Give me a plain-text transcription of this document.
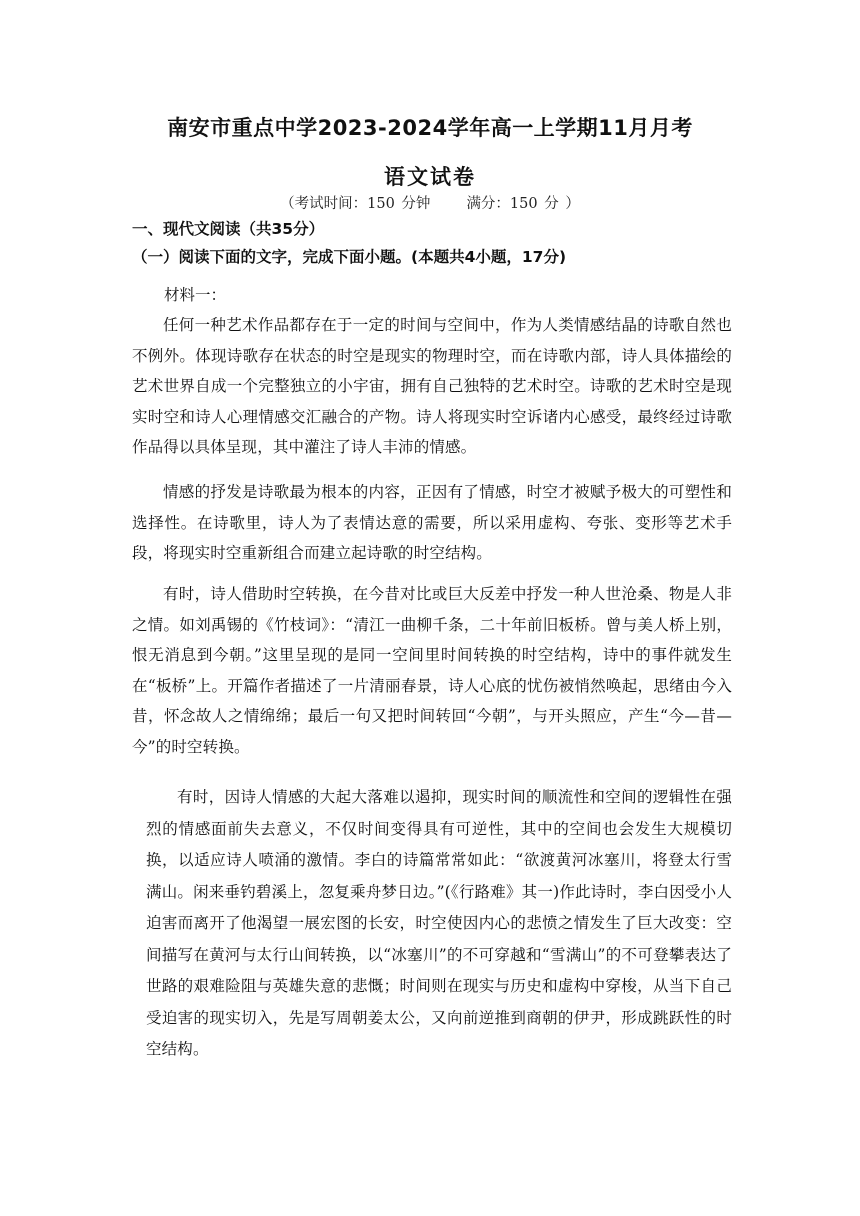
南安市重点中学2023-2024学年高一上学期11月月考
语文试卷
（考试时间：150 分钟 满分：150 分 ）
一、现代文阅读（共35分）
（一）阅读下面的文字，完成下面小题。(本题共4小题，17分)
材料一：

任何一种艺术作品都存在于一定的时间与空间中，作为人类情感结晶的诗歌自然也不例外。体现诗歌存在状态的时空是现实的物理时空，而在诗歌内部，诗人具体描绘的艺术世界自成一个完整独立的小宇宙，拥有自己独特的艺术时空。诗歌的艺术时空是现实时空和诗人心理情感交汇融合的产物。诗人将现实时空诉诸内心感受，最终经过诗歌作品得以具体呈现，其中灌注了诗人丰沛的情感。

情感的抒发是诗歌最为根本的内容，正因有了情感，时空才被赋予极大的可塑性和选择性。在诗歌里，诗人为了表情达意的需要，所以采用虚构、夸张、变形等艺术手段，将现实时空重新组合而建立起诗歌的时空结构。

有时，诗人借助时空转换，在今昔对比或巨大反差中抒发一种人世沧桑、物是人非之情。如刘禹锡的《竹枝词》：“清江一曲柳千条，二十年前旧板桥。曾与美人桥上别，恨无消息到今朝。”这里呈现的是同一空间里时间转换的时空结构，诗中的事件就发生在“板桥”上。开篇作者描述了一片清丽春景，诗人心底的忧伤被悄然唤起，思绪由今入昔，怀念故人之情绵绵；最后一句又把时间转回“今朝”，与开头照应，产生“今—昔—今”的时空转换。

有时，因诗人情感的大起大落难以遏抑，现实时间的顺流性和空间的逻辑性在强烈的情感面前失去意义，不仅时间变得具有可逆性，其中的空间也会发生大规模切换，以适应诗人喷涌的激情。李白的诗篇常常如此：“欲渡黄河冰塞川，将登太行雪满山。闲来垂钓碧溪上，忽复乘舟梦日边。”(《行路难》其一)作此诗时，李白因受小人迫害而离开了他渴望一展宏图的长安，时空使因内心的悲愤之情发生了巨大改变：空间描写在黄河与太行山间转换，以“冰塞川”的不可穿越和“雪满山”的不可登攀表达了世路的艰难险阻与英雄失意的悲慨；时间则在现实与历史和虚构中穿梭，从当下自己受迫害的现实切入，先是写周朝姜太公，又向前逆推到商朝的伊尹，形成跳跃性的时空结构。
